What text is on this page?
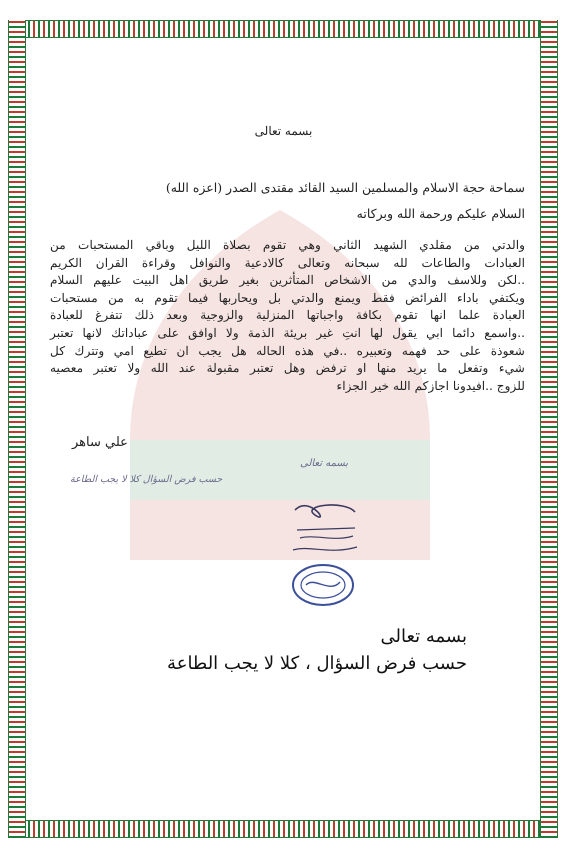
بسمه تعالى
سماحة حجة الاسلام والمسلمين السيد القائد مقتدى الصدر (اعزه الله)
السلام عليكم ورحمة الله وبركاته
والدتي من مقلدي الشهيد الثاني وهي تقوم بصلاة الليل وباقي المستحبات من
العبادات والطاعات لله سبحانه وتعالى كالادعية والنوافل وقراءة القران الكريم
..لكن وللاسف والدي من الاشخاص المتأثرين بغير طريق اهل البيت عليهم السلام
ويكتفي باداء الفرائض فقط ويمنع والدتي بل ويحاربها فيما تقوم به من مستحبات
العبادة علما انها تقوم بكافة واجباتها المنزلية والزوجية وبعد ذلك تتفرغ للعبادة
..واسمع دائما ابي يقول لها انتِ غير بريئة الذمة ولا اوافق على عباداتك لانها تعتبر
شعوذة على حد فهمه وتعبيره ..في هذه الحاله هل يجب ان تطيع امي وتترك كل
شيء وتفعل ما يريد منها او ترفض وهل تعتبر مقبولة عند الله ولا تعتبر معصيه
للزوج ..افيدونا اجازكم الله خير الجزاء
علي ساهر
بسمه تعالى
حسب فرض السؤال كلا لا يجب الطاعة
بسمه تعالى
حسب فرض السؤال ، كلا لا يجب الطاعة
